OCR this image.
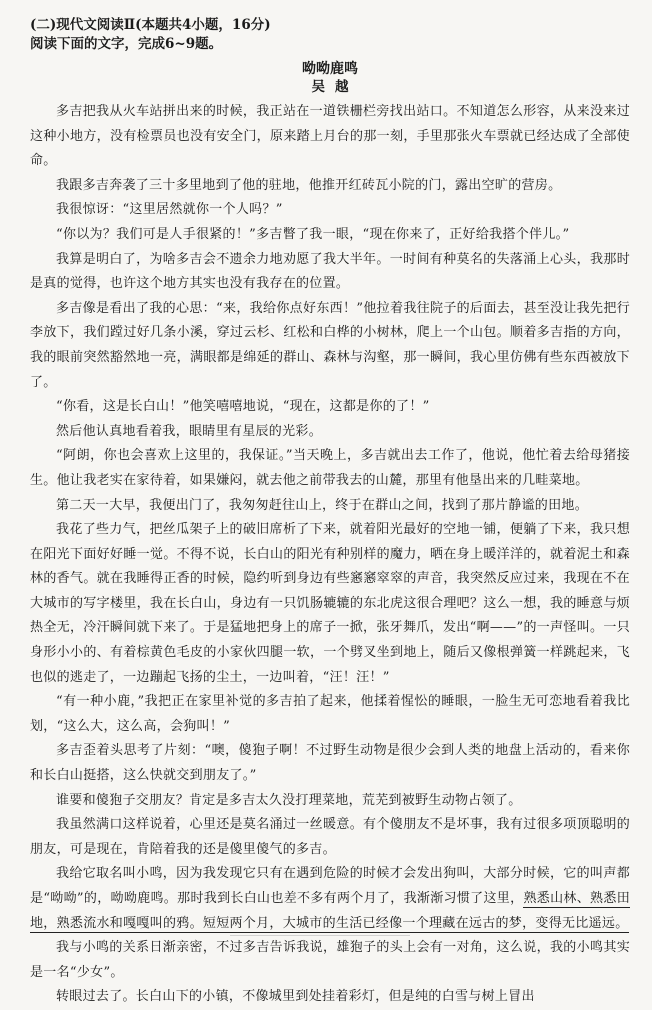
(二)现代文阅读Ⅱ(本题共4小题，16分)
阅读下面的文字，完成6~9题。
呦呦鹿鸣
吴越

多吉把我从火车站拼出来的时候，我正站在一道铁栅栏旁找出站口。不知道怎么形容，从来没来过这种小地方，没有检票员也没有安全门，原来踏上月台的那一刻，手里那张火车票就已经达成了全部使命。

我跟多吉奔袭了三十多里地到了他的驻地，他推开红砖瓦小院的门，露出空旷的营房。

我很惊讶：“这里居然就你一个人吗？”

“你以为？我们可是人手很紧的！”多吉瞥了我一眼，“现在你来了，正好给我搭个伴儿。”

我算是明白了，为啥多吉会不遗余力地劝愿了我大半年。一时间有种莫名的失落涌上心头，我那时是真的觉得，也许这个地方其实也没有我存在的位置。

多吉像是看出了我的心思：“来，我给你点好东西！”他拉着我往院子的后面去，甚至没让我先把行李放下，我们蹚过好几条小溪，穿过云杉、红松和白桦的小树林，爬上一个山包。顺着多吉指的方向，我的眼前突然豁然地一亮，满眼都是绵延的群山、森林与沟壑，那一瞬间，我心里仿佛有些东西被放下了。

“你看，这是长白山！”他笑嘻嘻地说，“现在，这都是你的了！”

然后他认真地看着我，眼睛里有星辰的光彩。

“阿朗，你也会喜欢上这里的，我保证。”当天晚上，多吉就出去工作了，他说，他忙着去给母猪接生。他让我老实在家待着，如果嫌闷，就去他之前带我去的山麓，那里有他垦出来的几畦菜地。

第二天一大早，我便出门了，我匆匆赶往山上，终于在群山之间，找到了那片静谧的田地。

我花了些力气，把丝瓜架子上的破旧席析了下来，就着阳光最好的空地一铺，便躺了下来，我只想在阳光下面好好睡一觉。不得不说，长白山的阳光有种别样的魔力，晒在身上暖洋洋的，就着泥土和森林的香气。就在我睡得正香的时候，隐约听到身边有些窸窸窣窣的声音，我突然反应过来，我现在不在大城市的写字楼里，我在长白山，身边有一只饥肠辘辘的东北虎这很合理吧？这么一想，我的睡意与烦热全无，冷汗瞬间就下来了。于是猛地把身上的席子一掀，张牙舞爪，发出“啊——”的一声怪叫。一只身形小小的、有着棕黄色毛皮的小家伙四腿一软，一个劈叉坐到地上，随后又像根弹簧一样跳起来，飞也似的逃走了，一边蹦起飞扬的尘土，一边叫着，“汪！汪！”

“有一种小鹿，”我把正在家里补觉的多吉拍了起来，他揉着惺忪的睡眼，一脸生无可恋地看着我比划，“这么大，这么高，会狗叫！”

多吉歪着头思考了片刻：“噢，傻狍子啊！不过野生动物是很少会到人类的地盘上活动的，看来你和长白山挺搭，这么快就交到朋友了。”

谁要和傻狍子交朋友？肯定是多吉太久没打理菜地，荒芜到被野生动物占领了。

我虽然满口这样说着，心里还是莫名涌过一丝暖意。有个傻朋友不是坏事，我有过很多项顶聪明的朋友，可是现在，肯陪着我的还是傻里傻气的多吉。

我给它取名叫小鸣，因为我发现它只有在遇到危险的时候才会发出狗叫，大部分时候，它的叫声都是“呦呦”的，呦呦鹿鸣。那时我到长白山也差不多有两个月了，我渐渐习惯了这里，熟悉山林、熟悉田地，熟悉流水和嘎嘎叫的鸦。短短两个月，大城市的生活已经像一个理藏在远古的梦，变得无比遥远。

我与小鸣的关系日渐亲密，不过多吉告诉我说，雄狍子的头上会有一对角，这么说，我的小鸣其实是一名“少女”。

转眼过去了。长白山下的小镇，不像城里到处挂着彩灯，但是纯的白雪与树上冒出
